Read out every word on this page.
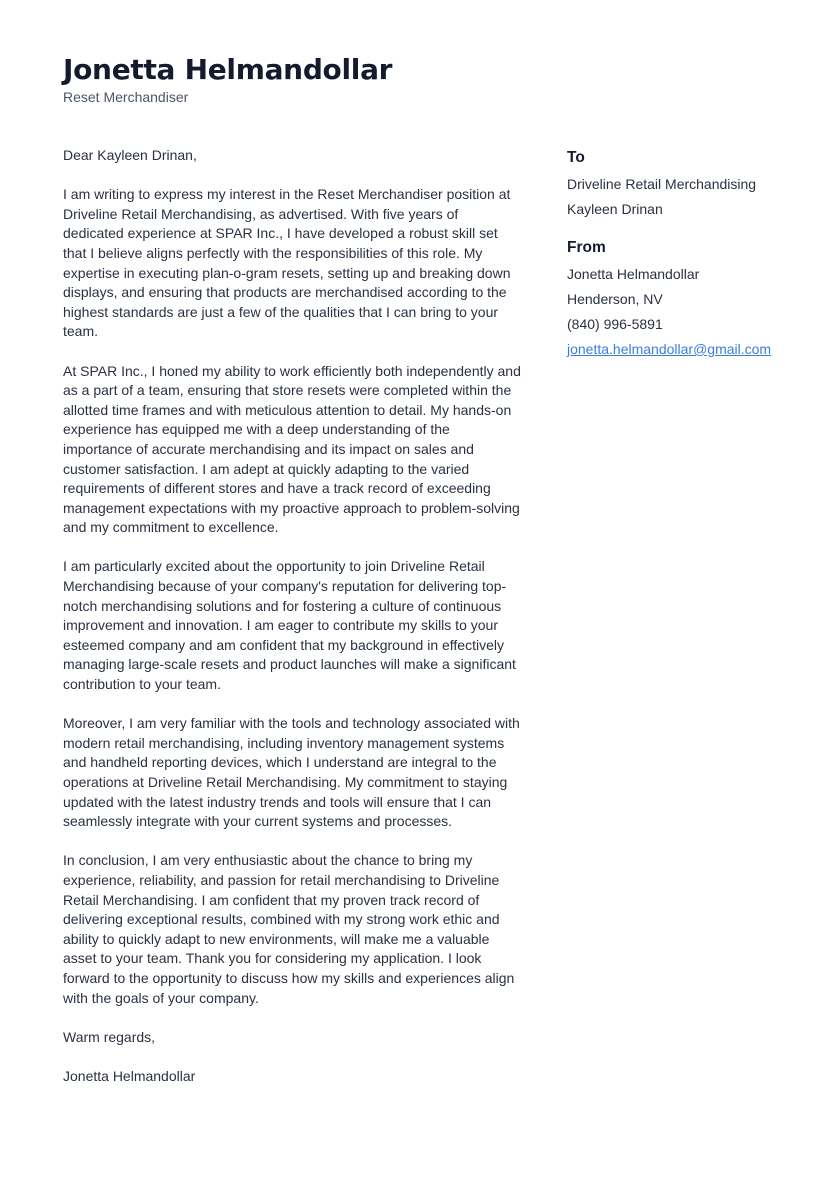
Jonetta Helmandollar
Reset Merchandiser

Dear Kayleen Drinan,

I am writing to express my interest in the Reset Merchandiser position at Driveline Retail Merchandising, as advertised. With five years of dedicated experience at SPAR Inc., I have developed a robust skill set that I believe aligns perfectly with the responsibilities of this role. My expertise in executing plan-o-gram resets, setting up and breaking down displays, and ensuring that products are merchandised according to the highest standards are just a few of the qualities that I can bring to your team.

At SPAR Inc., I honed my ability to work efficiently both independently and as a part of a team, ensuring that store resets were completed within the allotted time frames and with meticulous attention to detail. My hands-on experience has equipped me with a deep understanding of the importance of accurate merchandising and its impact on sales and customer satisfaction. I am adept at quickly adapting to the varied requirements of different stores and have a track record of exceeding management expectations with my proactive approach to problem-solving and my commitment to excellence.

I am particularly excited about the opportunity to join Driveline Retail Merchandising because of your company's reputation for delivering top-notch merchandising solutions and for fostering a culture of continuous improvement and innovation. I am eager to contribute my skills to your esteemed company and am confident that my background in effectively managing large-scale resets and product launches will make a significant contribution to your team.

Moreover, I am very familiar with the tools and technology associated with modern retail merchandising, including inventory management systems and handheld reporting devices, which I understand are integral to the operations at Driveline Retail Merchandising. My commitment to staying updated with the latest industry trends and tools will ensure that I can seamlessly integrate with your current systems and processes.

In conclusion, I am very enthusiastic about the chance to bring my experience, reliability, and passion for retail merchandising to Driveline Retail Merchandising. I am confident that my proven track record of delivering exceptional results, combined with my strong work ethic and ability to quickly adapt to new environments, will make me a valuable asset to your team. Thank you for considering my application. I look forward to the opportunity to discuss how my skills and experiences align with the goals of your company.

Warm regards,

Jonetta Helmandollar

To
Driveline Retail Merchandising
Kayleen Drinan
From
Jonetta Helmandollar
Henderson, NV
(840) 996-5891
jonetta.helmandollar@gmail.com
